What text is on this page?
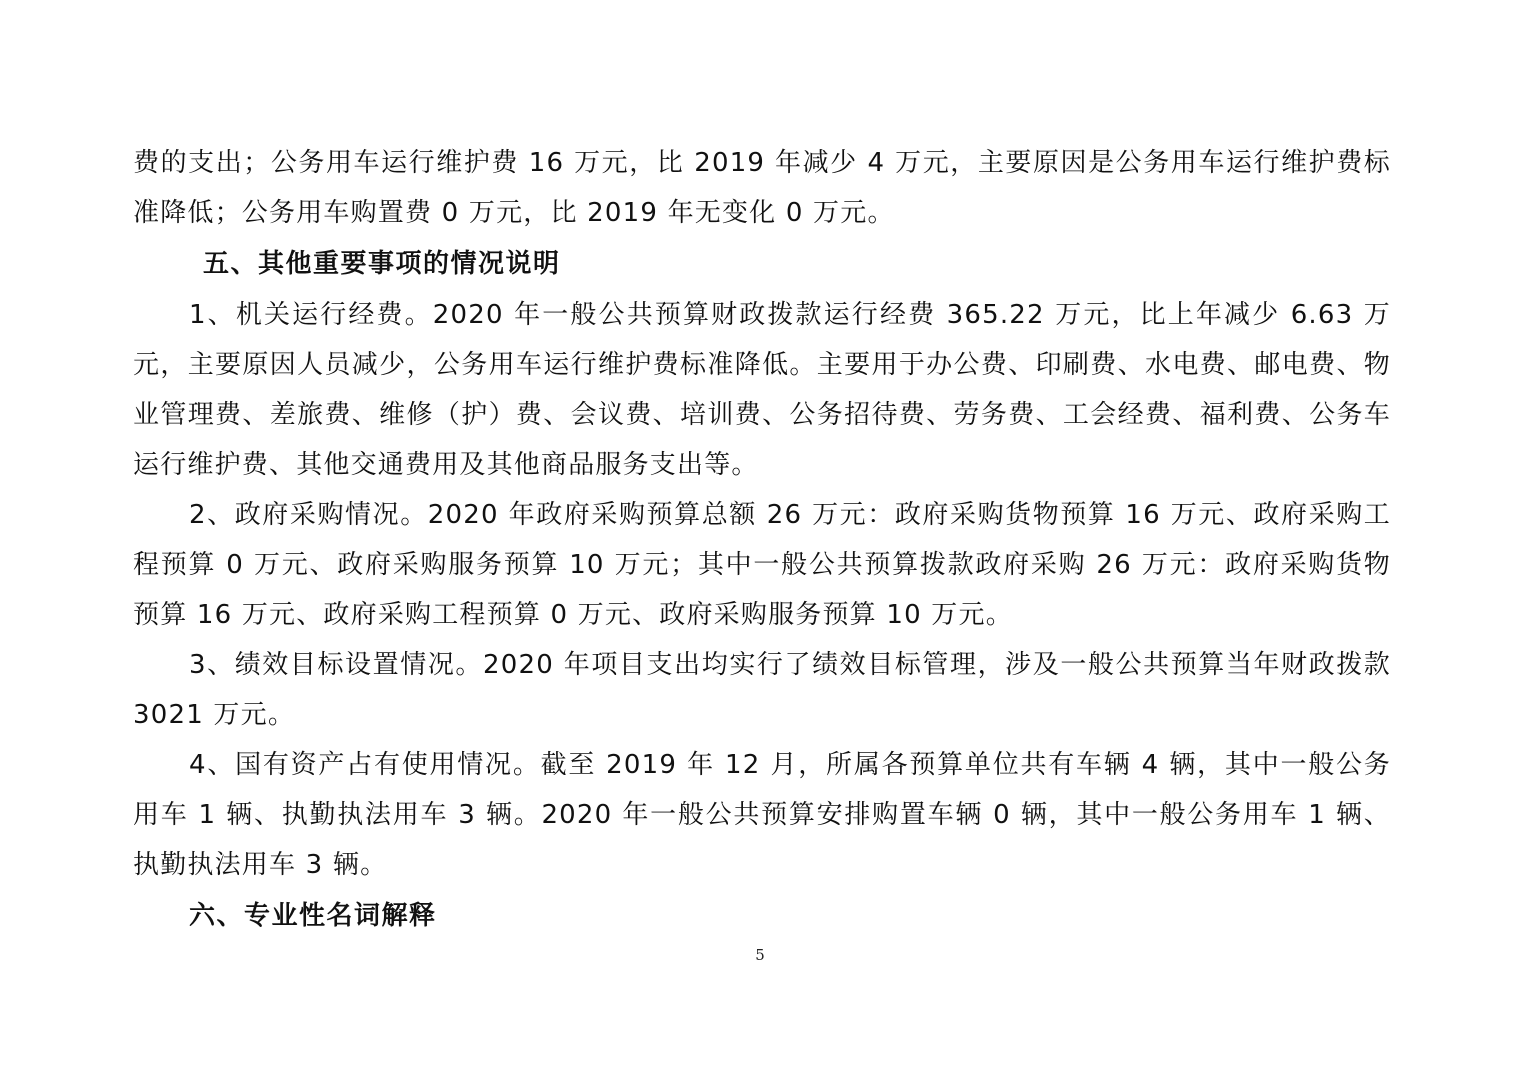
费的支出；公务用车运行维护费 16 万元，比 2019 年减少 4 万元，主要原因是公务用车运行维护费标准降低；公务用车购置费 0 万元，比 2019 年无变化 0 万元。

五、其他重要事项的情况说明

1、机关运行经费。2020 年一般公共预算财政拨款运行经费 365.22 万元，比上年减少 6.63 万元，主要原因人员减少，公务用车运行维护费标准降低。主要用于办公费、印刷费、水电费、邮电费、物业管理费、差旅费、维修（护）费、会议费、培训费、公务招待费、劳务费、工会经费、福利费、公务车运行维护费、其他交通费用及其他商品服务支出等。

2、政府采购情况。2020 年政府采购预算总额 26 万元：政府采购货物预算 16 万元、政府采购工程预算 0 万元、政府采购服务预算 10 万元；其中一般公共预算拨款政府采购 26 万元：政府采购货物预算 16 万元、政府采购工程预算 0 万元、政府采购服务预算 10 万元。

3、绩效目标设置情况。2020 年项目支出均实行了绩效目标管理，涉及一般公共预算当年财政拨款 3021 万元。

4、国有资产占有使用情况。截至 2019 年 12 月，所属各预算单位共有车辆 4 辆，其中一般公务用车 1 辆、执勤执法用车 3 辆。2020 年一般公共预算安排购置车辆 0 辆，其中一般公务用车 1 辆、执勤执法用车 3 辆。

六、专业性名词解释

5
